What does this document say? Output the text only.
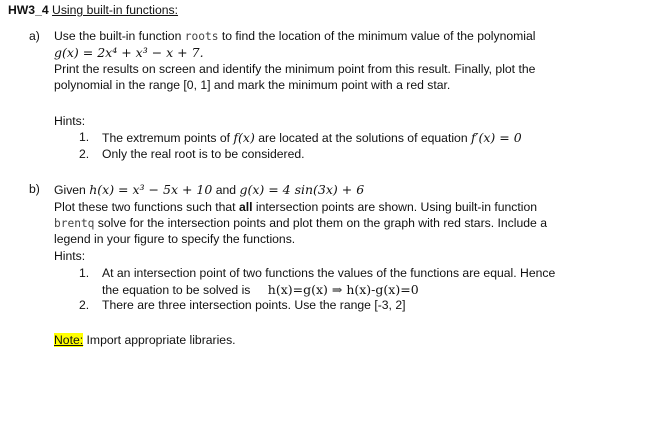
HW3_4 Using built-in functions:
a) Use the built-in function roots to find the location of the minimum value of the polynomial
g(x) = 2x⁴ + x³ − x + 7.
Print the results on screen and identify the minimum point from this result. Finally, plot the
polynomial in the range [0, 1] and mark the minimum point with a red star.
Hints:
1. The extremum points of f(x) are located at the solutions of equation f′(x) = 0
2. Only the real root is to be considered.
b) Given h(x) = x³ − 5x + 10 and g(x) = 4 sin(3x) + 6
Plot these two functions such that all intersection points are shown. Using built-in function
brentq solve for the intersection points and plot them on the graph with red stars. Include a
legend in your figure to specify the functions.
Hints:
1. At an intersection point of two functions the values of the functions are equal. Hence
the equation to be solved is h(x)=g(x) ⇒ h(x)-g(x)=0
2. There are three intersection points. Use the range [-3, 2]
Note: Import appropriate libraries.
